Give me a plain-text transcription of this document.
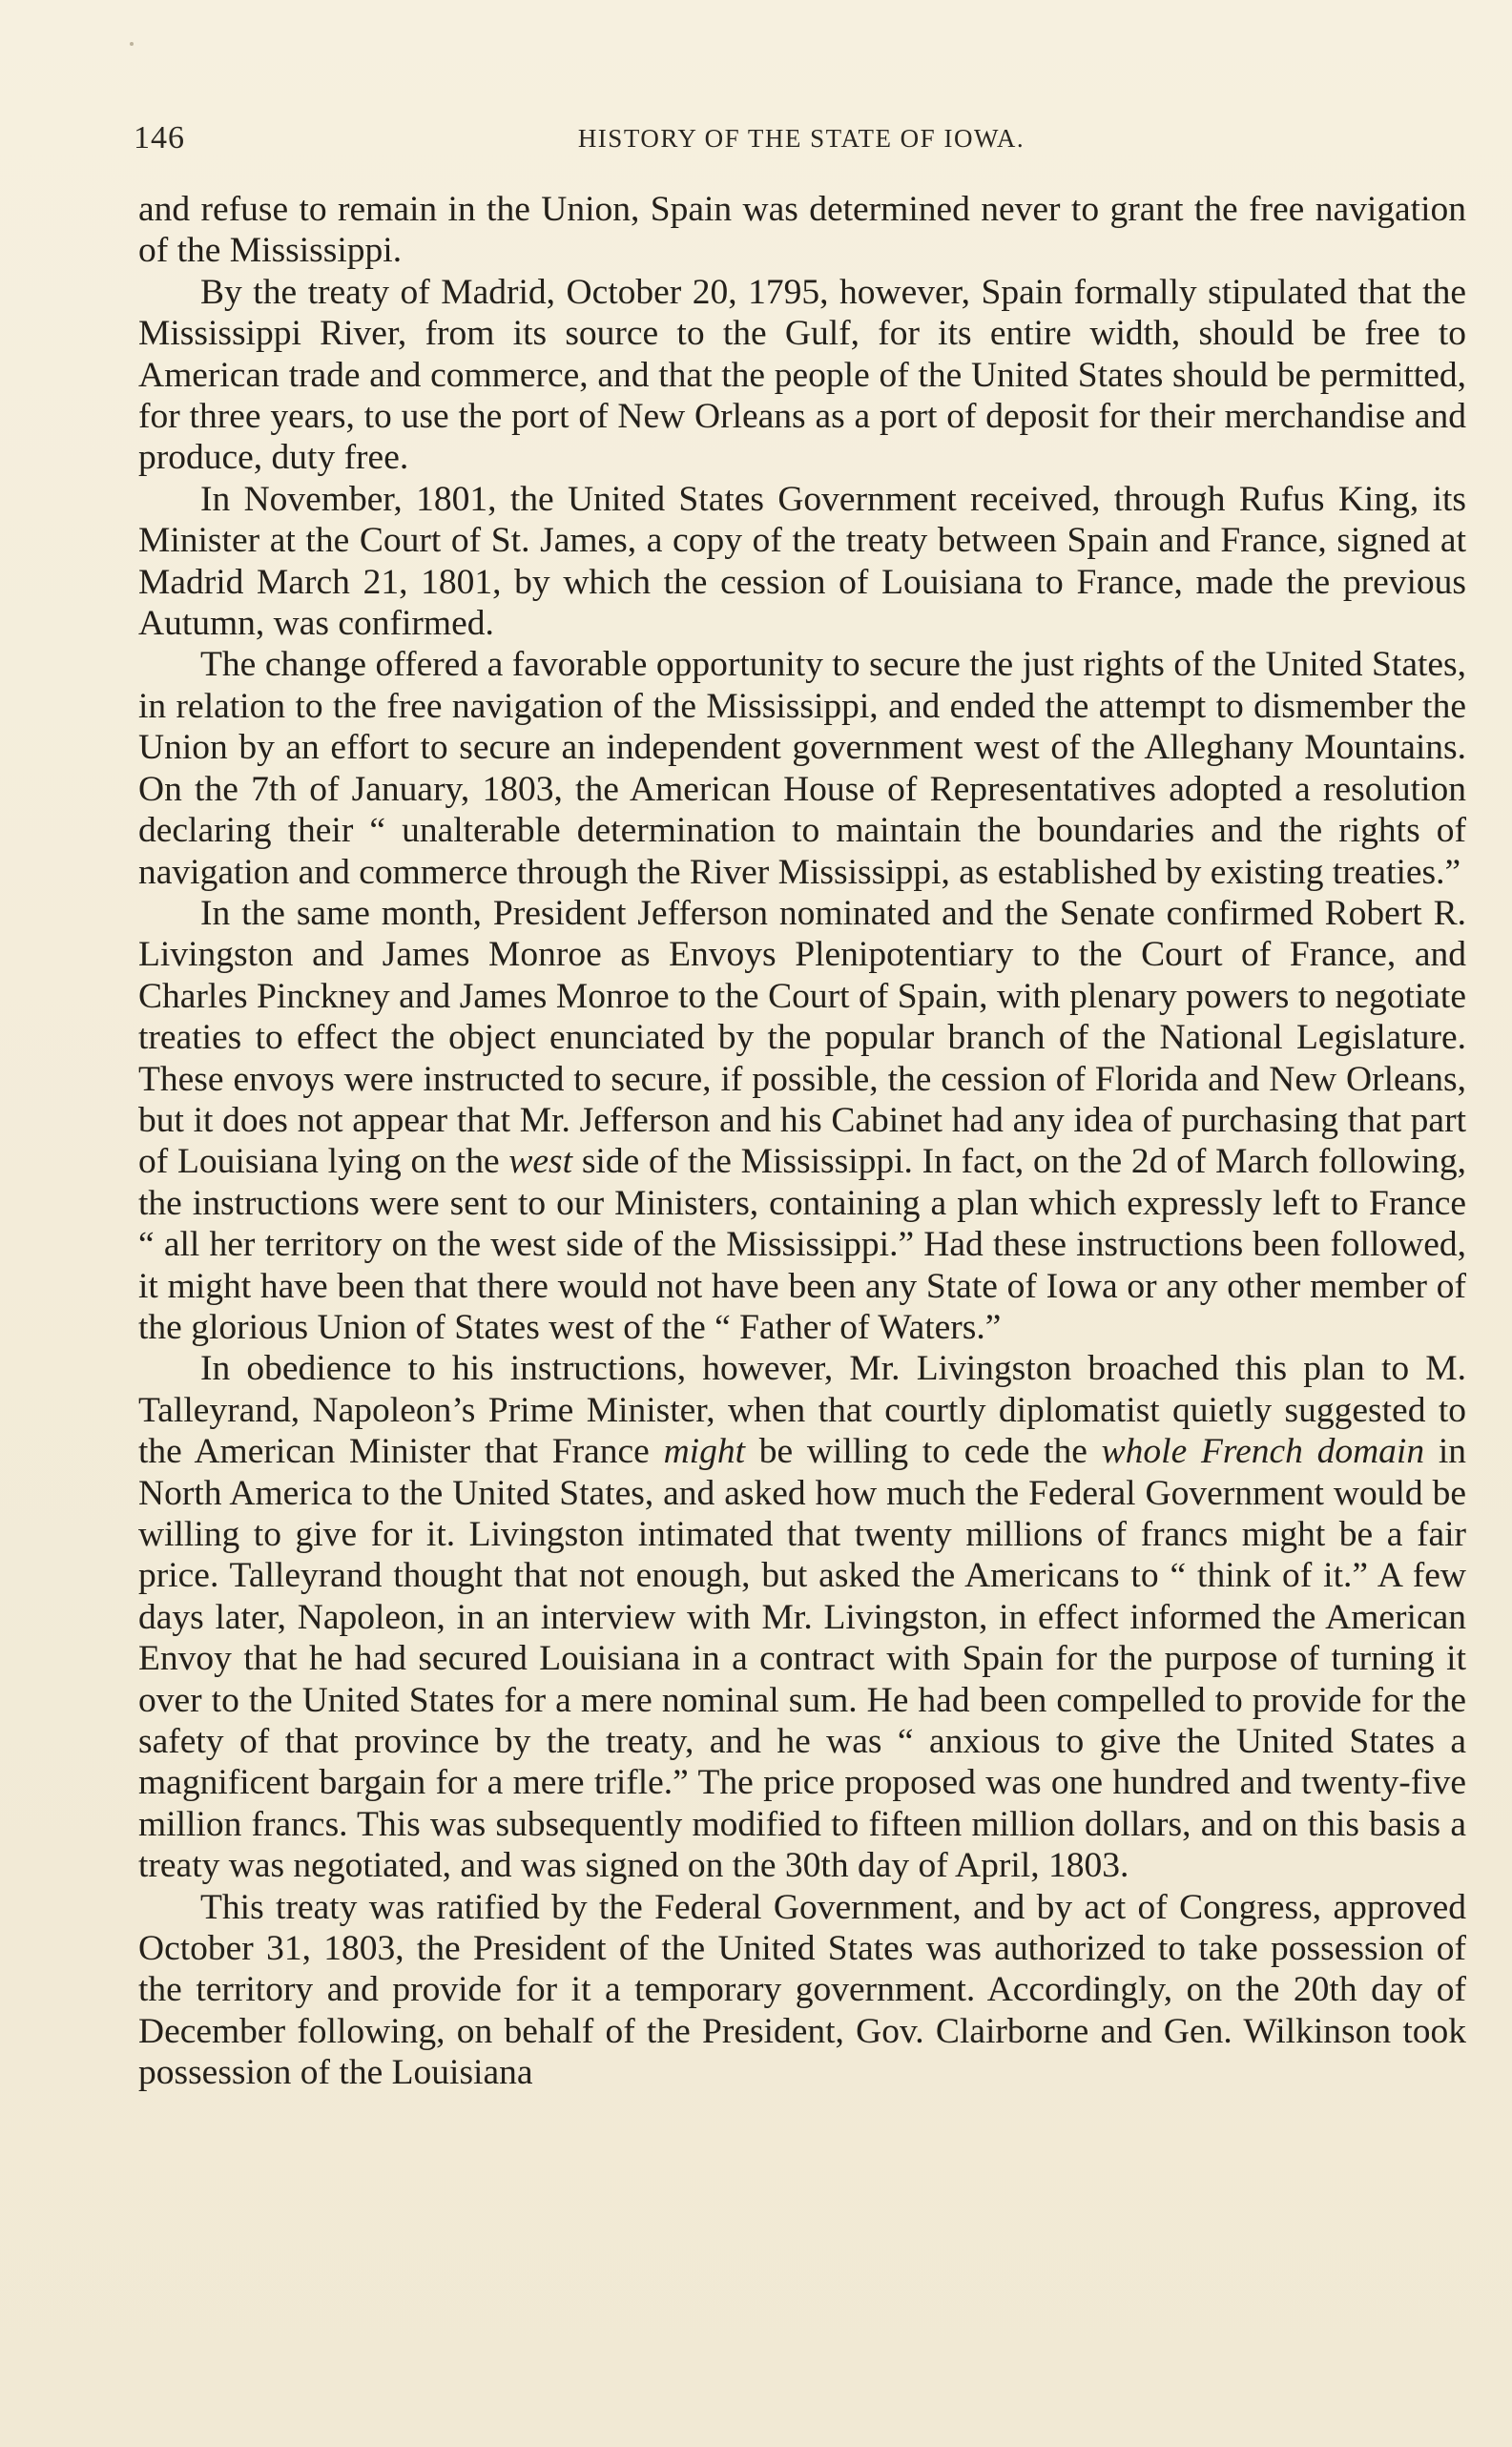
146	HISTORY OF THE STATE OF IOWA.

and refuse to remain in the Union, Spain was determined never to grant the free navigation of the Mississippi.

By the treaty of Madrid, October 20, 1795, however, Spain formally stipulated that the Mississippi River, from its source to the Gulf, for its entire width, should be free to American trade and commerce, and that the people of the United States should be permitted, for three years, to use the port of New Orleans as a port of deposit for their merchandise and produce, duty free.

In November, 1801, the United States Government received, through Rufus King, its Minister at the Court of St. James, a copy of the treaty between Spain and France, signed at Madrid March 21, 1801, by which the cession of Louisiana to France, made the previous Autumn, was confirmed.

The change offered a favorable opportunity to secure the just rights of the United States, in relation to the free navigation of the Mississippi, and ended the attempt to dismember the Union by an effort to secure an independent government west of the Alleghany Mountains. On the 7th of January, 1803, the American House of Representatives adopted a resolution declaring their “ unalterable determination to maintain the boundaries and the rights of navigation and commerce through the River Mississippi, as established by existing treaties.”

In the same month, President Jefferson nominated and the Senate confirmed Robert R. Livingston and James Monroe as Envoys Plenipotentiary to the Court of France, and Charles Pinckney and James Monroe to the Court of Spain, with plenary powers to negotiate treaties to effect the object enunciated by the popular branch of the National Legislature. These envoys were instructed to secure, if possible, the cession of Florida and New Orleans, but it does not appear that Mr. Jefferson and his Cabinet had any idea of purchasing that part of Louisiana lying on the west side of the Mississippi. In fact, on the 2d of March following, the instructions were sent to our Ministers, containing a plan which expressly left to France “ all her territory on the west side of the Mississippi.” Had these instructions been followed, it might have been that there would not have been any State of Iowa or any other member of the glorious Union of States west of the “ Father of Waters.”

In obedience to his instructions, however, Mr. Livingston broached this plan to M. Talleyrand, Napoleon’s Prime Minister, when that courtly diplomatist quietly suggested to the American Minister that France might be willing to cede the whole French domain in North America to the United States, and asked how much the Federal Government would be willing to give for it. Livingston intimated that twenty millions of francs might be a fair price. Talleyrand thought that not enough, but asked the Americans to “ think of it.” A few days later, Napoleon, in an interview with Mr. Livingston, in effect informed the American Envoy that he had secured Louisiana in a contract with Spain for the purpose of turning it over to the United States for a mere nominal sum. He had been compelled to provide for the safety of that province by the treaty, and he was “ anxious to give the United States a magnificent bargain for a mere trifle.” The price proposed was one hundred and twenty-five million francs. This was subsequently modified to fifteen million dollars, and on this basis a treaty was negotiated, and was signed on the 30th day of April, 1803.

This treaty was ratified by the Federal Government, and by act of Congress, approved October 31, 1803, the President of the United States was authorized to take possession of the territory and provide for it a temporary government. Accordingly, on the 20th day of December following, on behalf of the President, Gov. Clairborne and Gen. Wilkinson took possession of the Louisiana
